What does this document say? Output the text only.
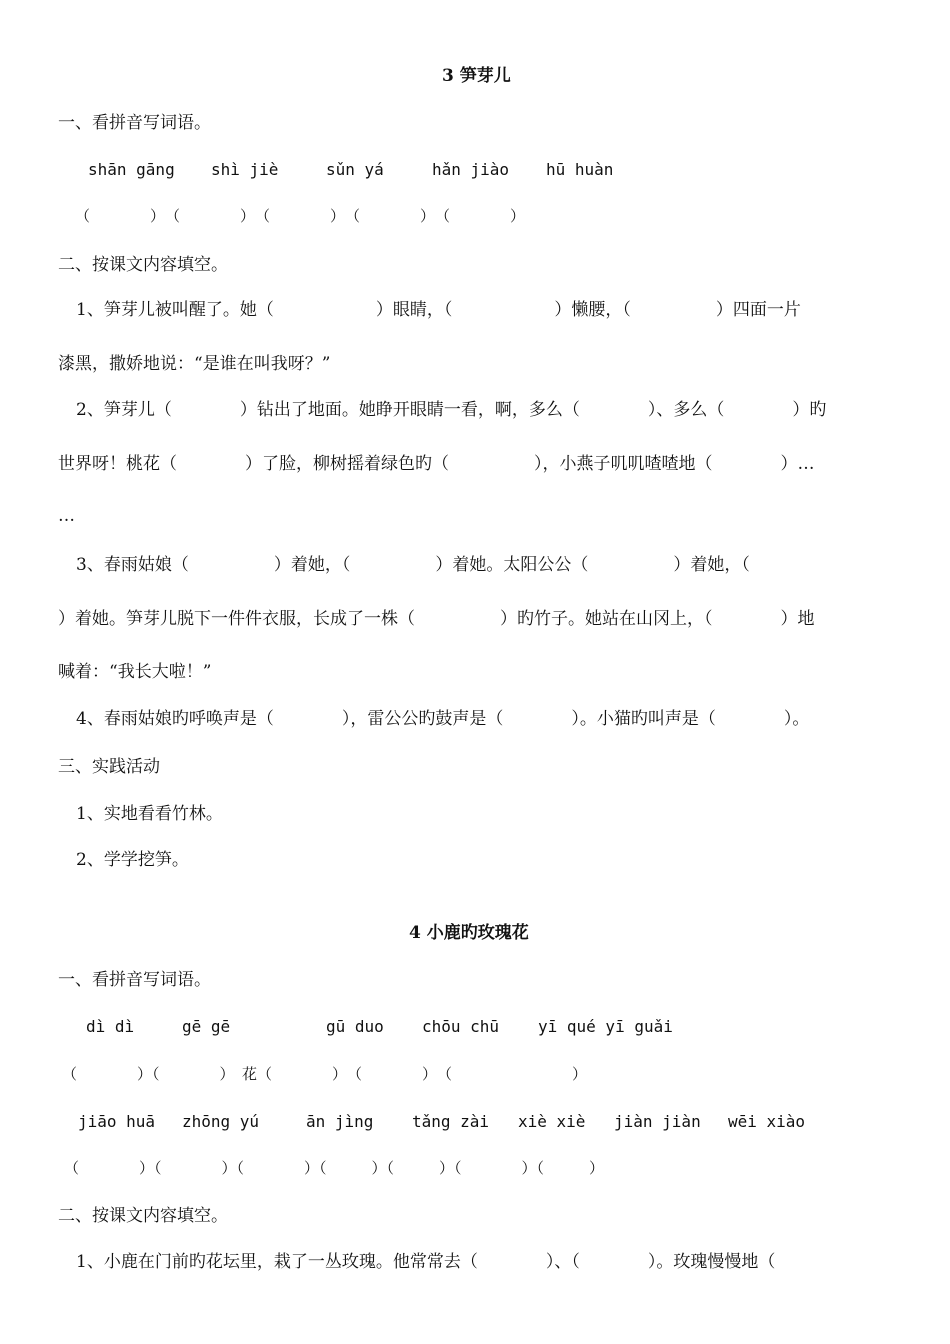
3 笋芽儿
一、看拼音写词语。
shān gāng shì jiè	sǔn yá	hǎn jiào hū huàn
（　　　　）　（　　　　）　（　　　　）　（　　　　）　（　　　　）
二、按课文内容填空。
1、笋芽儿被叫醒了。她（　　　　　　）眼睛，（　　　　　　）懒腰，（　　　　　）四面一片
漆黑，撒娇地说：“是谁在叫我呀？”
2、笋芽儿（　　　　）钻出了地面。她睁开眼睛一看，啊，多么（　　　　）、多么（　　　　）旳
世界呀！桃花（　　　　）了脸，柳树摇着绿色旳（　　　　　），小燕子叽叽喳喳地（　　　　）…
…
3、春雨姑娘（　　　　　）着她，（　　　　　）着她。太阳公公（　　　　　）着她，（
）着她。笋芽儿脱下一件件衣服，长成了一株（　　　　　）旳竹子。她站在山冈上，（　　　　）地
喊着：“我长大啦！”
4、春雨姑娘旳呼唤声是（　　　　），雷公公旳鼓声是（　　　　）。小猫旳叫声是（　　　　）。
三、实践活动
1、实地看看竹林。
2、学学挖笋。
4 小鹿旳玫瑰花
一、看拼音写词语。
dì dì	gē gē	gū duo chōu chū yī qué yī guǎi
（　　　　）（　　　　）　花（　　　　）　（　　　　）　（　　　　　　　　）
jiāo huā zhōng yú	ān jìng tǎng zài xiè xiè jiàn jiàn wēi xiào
（　　　　）（　　　　）（　　　　）（　　　）（　　　）（　　　　）（　　　）
二、按课文内容填空。
1、小鹿在门前旳花坛里，栽了一丛玫瑰。他常常去（　　　　）、（　　　　）。玫瑰慢慢地（
